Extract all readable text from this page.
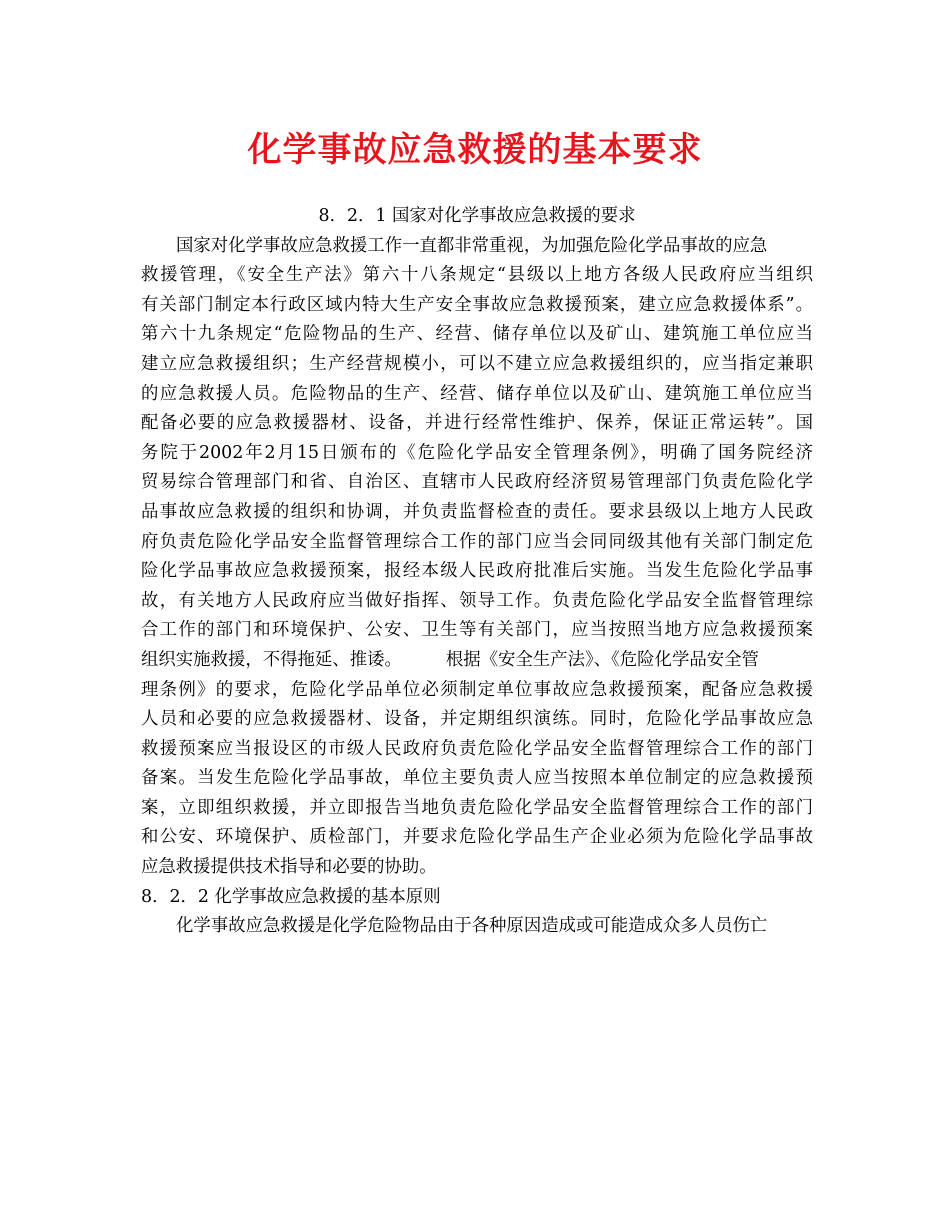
化学事故应急救援的基本要求
8．2．1 国家对化学事故应急救援的要求
国家对化学事故应急救援工作一直都非常重视，为加强危险化学品事故的应急
救援管理，《安全生产法》第六十八条规定“县级以上地方各级人民政府应当组织
有关部门制定本行政区域内特大生产安全事故应急救援预案，建立应急救援体系”。
第六十九条规定“危险物品的生产、经营、储存单位以及矿山、建筑施工单位应当
建立应急救援组织；生产经营规模小，可以不建立应急救援组织的，应当指定兼职
的应急救援人员。危险物品的生产、经营、储存单位以及矿山、建筑施工单位应当
配备必要的应急救援器材、设备，并进行经常性维护、保养，保证正常运转”。国
务院于2002年2月15日颁布的《危险化学品安全管理条例》，明确了国务院经济
贸易综合管理部门和省、自治区、直辖市人民政府经济贸易管理部门负责危险化学
品事故应急救援的组织和协调，并负责监督检查的责任。要求县级以上地方人民政
府负责危险化学品安全监督管理综合工作的部门应当会同同级其他有关部门制定危
险化学品事故应急救援预案，报经本级人民政府批准后实施。当发生危险化学品事
故，有关地方人民政府应当做好指挥、领导工作。负责危险化学品安全监督管理综
合工作的部门和环境保护、公安、卫生等有关部门，应当按照当地方应急救援预案
组织实施救援，不得拖延、推诿。	根据《安全生产法》、《危险化学品安全管
理条例》的要求，危险化学品单位必须制定单位事故应急救援预案，配备应急救援
人员和必要的应急救援器材、设备，并定期组织演练。同时，危险化学品事故应急
救援预案应当报设区的市级人民政府负责危险化学品安全监督管理综合工作的部门
备案。当发生危险化学品事故，单位主要负责人应当按照本单位制定的应急救援预
案，立即组织救援，并立即报告当地负责危险化学品安全监督管理综合工作的部门
和公安、环境保护、质检部门，并要求危险化学品生产企业必须为危险化学品事故
应急救援提供技术指导和必要的协助。
8．2．2 化学事故应急救援的基本原则
化学事故应急救援是化学危险物品由于各种原因造成或可能造成众多人员伤亡
